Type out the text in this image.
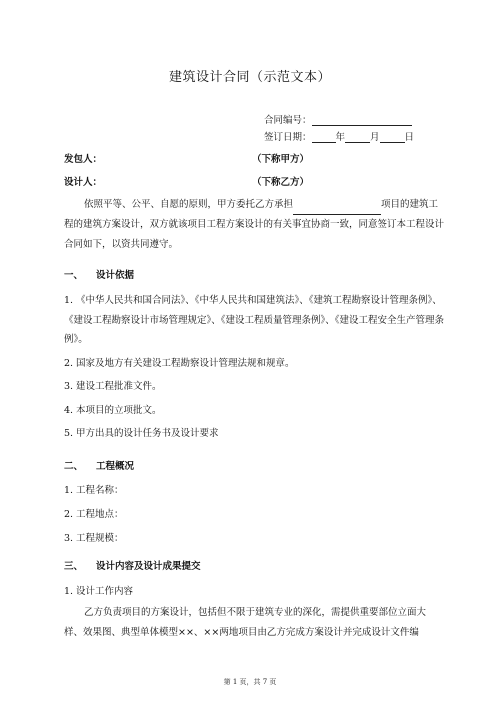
建筑设计合同（示范文本）
合同编号：
签订日期：	年	月	日
发包人：	（下称甲方）
设计人：	（下称乙方）
依照平等、公平、自愿的原则，甲方委托乙方承担	项目的建筑工程的建筑方案设计，双方就该项目工程方案设计的有关事宜协商一致，同意签订本工程设计合同如下，以资共同遵守。
一、 设计依据
1. 《中华人民共和国合同法》、《中华人民共和国建筑法》、《建筑工程勘察设计管理条例》、《建设工程勘察设计市场管理规定》、《建设工程质量管理条例》、《建设工程安全生产管理条例》。
2. 国家及地方有关建设工程勘察设计管理法规和规章。
3. 建设工程批准文件。
4. 本项目的立项批文。
5. 甲方出具的设计任务书及设计要求
二、 工程概况
1. 工程名称：
2. 工程地点：
3. 工程规模：
三、 设计内容及设计成果提交
1. 设计工作内容
乙方负责项目的方案设计，包括但不限于建筑专业的深化，需提供重要部位立面大样、效果图、典型单体模型××、××两地项目由乙方完成方案设计并完成设计文件编
第 1 页，共 7 页
